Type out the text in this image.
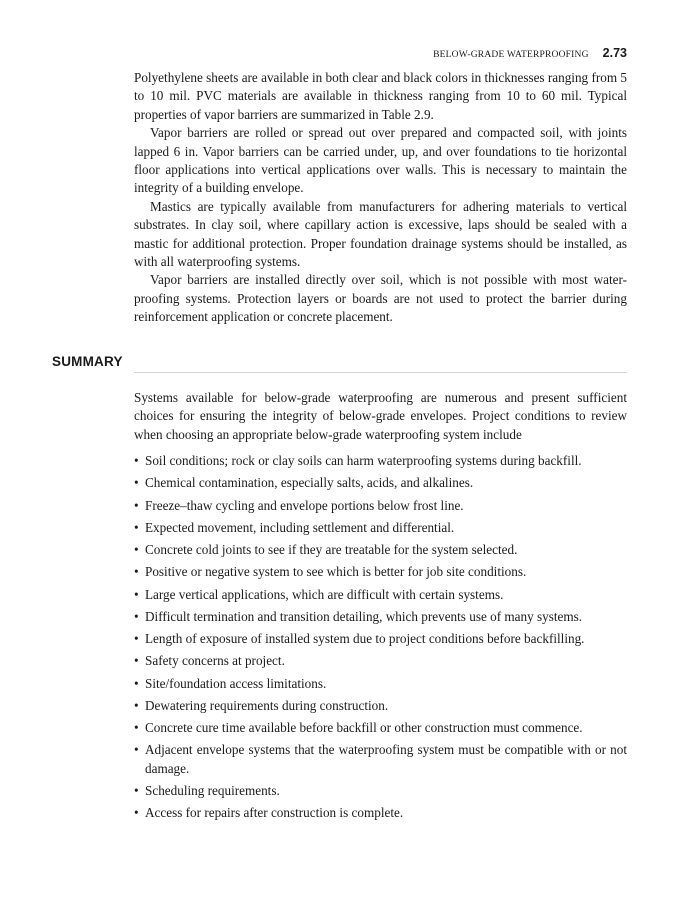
BELOW-GRADE WATERPROOFING 2.73

Polyethylene sheets are available in both clear and black colors in thicknesses ranging from 5 to 10 mil. PVC materials are available in thickness ranging from 10 to 60 mil. Typical properties of vapor barriers are summarized in Table 2.9.

Vapor barriers are rolled or spread out over prepared and compacted soil, with joints lapped 6 in. Vapor barriers can be carried under, up, and over foundations to tie horizontal floor applications into vertical applications over walls. This is necessary to maintain the integrity of a building envelope.

Mastics are typically available from manufacturers for adhering materials to vertical substrates. In clay soil, where capillary action is excessive, laps should be sealed with a mastic for additional protection. Proper foundation drainage systems should be installed, as with all waterproofing systems.

Vapor barriers are installed directly over soil, which is not possible with most water-proofing systems. Protection layers or boards are not used to protect the barrier during reinforcement application or concrete placement.

SUMMARY

Systems available for below-grade waterproofing are numerous and present sufficient choices for ensuring the integrity of below-grade envelopes. Project conditions to review when choosing an appropriate below-grade waterproofing system include

• Soil conditions; rock or clay soils can harm waterproofing systems during backfill.
• Chemical contamination, especially salts, acids, and alkalines.
• Freeze–thaw cycling and envelope portions below frost line.
• Expected movement, including settlement and differential.
• Concrete cold joints to see if they are treatable for the system selected.
• Positive or negative system to see which is better for job site conditions.
• Large vertical applications, which are difficult with certain systems.
• Difficult termination and transition detailing, which prevents use of many systems.
• Length of exposure of installed system due to project conditions before backfilling.
• Safety concerns at project.
• Site/foundation access limitations.
• Dewatering requirements during construction.
• Concrete cure time available before backfill or other construction must commence.
• Adjacent envelope systems that the waterproofing system must be compatible with or not damage.
• Scheduling requirements.
• Access for repairs after construction is complete.
